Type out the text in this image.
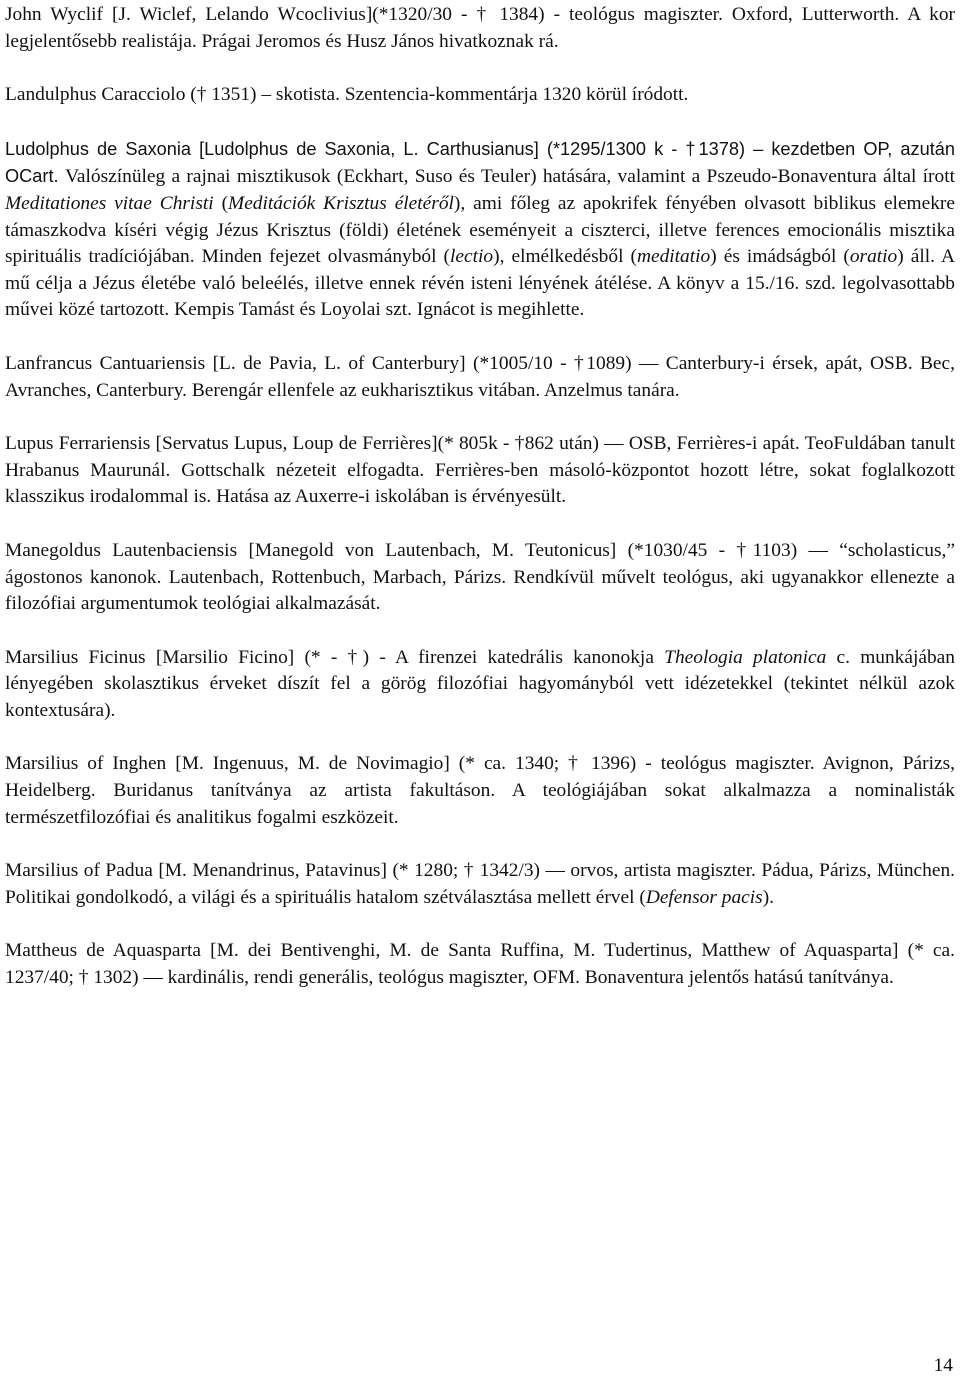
John Wyclif [J. Wiclef, Lelando Wcoclivius](*1320/30 - † 1384) - teológus magiszter. Oxford, Lutterworth. A kor legjelentősebb realistája. Prágai Jeromos és Husz János hivatkoznak rá.

Landulphus Caracciolo († 1351) – skotista. Szentencia-kommentárja 1320 körül íródott.

Ludolphus de Saxonia [Ludolphus de Saxonia, L. Carthusianus] (*1295/1300 k - †1378) – kezdetben OP, azután OCart. Valószínüleg a rajnai misztikusok (Eckhart, Suso és Teuler) hatására, valamint a Pszeudo-Bonaventura által írott Meditationes vitae Christi (Meditációk Krisztus életéről), ami főleg az apokrifek fényében olvasott biblikus elemekre támaszkodva kíséri végig Jézus Krisztus (földi) életének eseményeit a ciszterci, illetve ferences emocionális misztika spirituális tradíciójában. Minden fejezet olvasmányból (lectio), elmélkedésből (meditatio) és imádságból (oratio) áll. A mű célja a Jézus életébe való beleélés, illetve ennek révén isteni lényének átélése. A könyv a 15./16. szd. legolvasottabb művei közé tartozott. Kempis Tamást és Loyolai szt. Ignácot is megihlette.

Lanfrancus Cantuariensis [L. de Pavia, L. of Canterbury] (*1005/10 - †1089) — Canterbury-i érsek, apát, OSB. Bec, Avranches, Canterbury. Berengár ellenfele az eukharisztikus vitában. Anzelmus tanára.

Lupus Ferrariensis [Servatus Lupus, Loup de Ferrières](* 805k - †862 után) — OSB, Ferrières-i apát. TeoFuldában tanult Hrabanus Maurunál. Gottschalk nézeteit elfogadta. Ferrières-ben másoló-központot hozott létre, sokat foglalkozott klasszikus irodalommal is. Hatása az Auxerre-i iskolában is érvényesült.

Manegoldus Lautenbaciensis [Manegold von Lautenbach, M. Teutonicus] (*1030/45 - †1103) — “scholasticus,” ágostonos kanonok. Lautenbach, Rottenbuch, Marbach, Párizs. Rendkívül művelt teológus, aki ugyanakkor ellenezte a filozófiai argumentumok teológiai alkalmazását.

Marsilius Ficinus [Marsilio Ficino] (* - †) - A firenzei katedrális kanonokja Theologia platonica c. munkájában lényegében skolasztikus érveket díszít fel a görög filozófiai hagyományból vett idézetekkel (tekintet nélkül azok kontextusára).

Marsilius of Inghen [M. Ingenuus, M. de Novimagio] (* ca. 1340; † 1396) - teológus magiszter. Avignon, Párizs, Heidelberg. Buridanus tanítványa az artista fakultáson. A teológiájában sokat alkalmazza a nominalisták természetfilozófiai és analitikus fogalmi eszközeit.

Marsilius of Padua [M. Menandrinus, Patavinus] (* 1280; † 1342/3) — orvos, artista magiszter. Pádua, Párizs, München. Politikai gondolkodó, a világi és a spirituális hatalom szétválasztása mellett érvel (Defensor pacis).

Mattheus de Aquasparta [M. dei Bentivenghi, M. de Santa Ruffina, M. Tudertinus, Matthew of Aquasparta] (* ca. 1237/40; † 1302) — kardinális, rendi generális, teológus magiszter, OFM. Bonaventura jelentős hatású tanítványa.

14
